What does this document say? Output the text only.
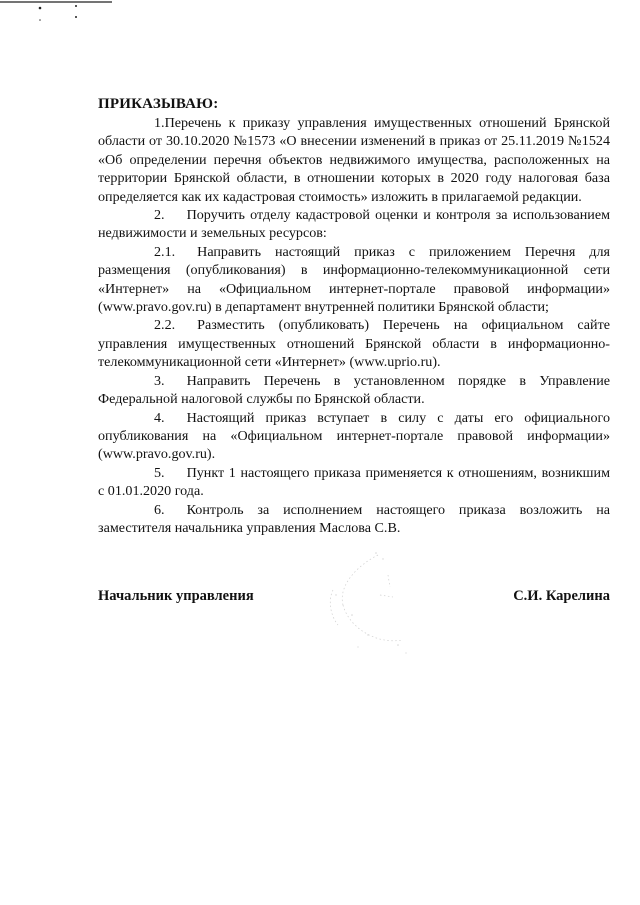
ПРИКАЗЫВАЮ:

1.Перечень к приказу управления имущественных отношений Брянской области от 30.10.2020 №1573 «О внесении изменений в приказ от 25.11.2019 №1524 «Об определении перечня объектов недвижимого имущества, расположенных на территории Брянской области, в отношении которых в 2020 году налоговая база определяется как их кадастровая стоимость» изложить в прилагаемой редакции.

2. Поручить отделу кадастровой оценки и контроля за использованием недвижимости и земельных ресурсов:

2.1. Направить настоящий приказ с приложением Перечня для размещения (опубликования) в информационно-телекоммуникационной сети «Интернет» на «Официальном интернет-портале правовой информации» (www.pravo.gov.ru) в департамент внутренней политики Брянской области;

2.2. Разместить (опубликовать) Перечень на официальном сайте управления имущественных отношений Брянской области в информационно-телекоммуникационной сети «Интернет» (www.uprio.ru).

3. Направить Перечень в установленном порядке в Управление Федеральной налоговой службы по Брянской области.

4. Настоящий приказ вступает в силу с даты его официального опубликования на «Официальном интернет-портале правовой информации» (www.pravo.gov.ru).

5. Пункт 1 настоящего приказа применяется к отношениям, возникшим с 01.01.2020 года.

6. Контроль за исполнением настоящего приказа возложить на заместителя начальника управления Маслова С.В.

Начальник управления	С.И. Карелина
